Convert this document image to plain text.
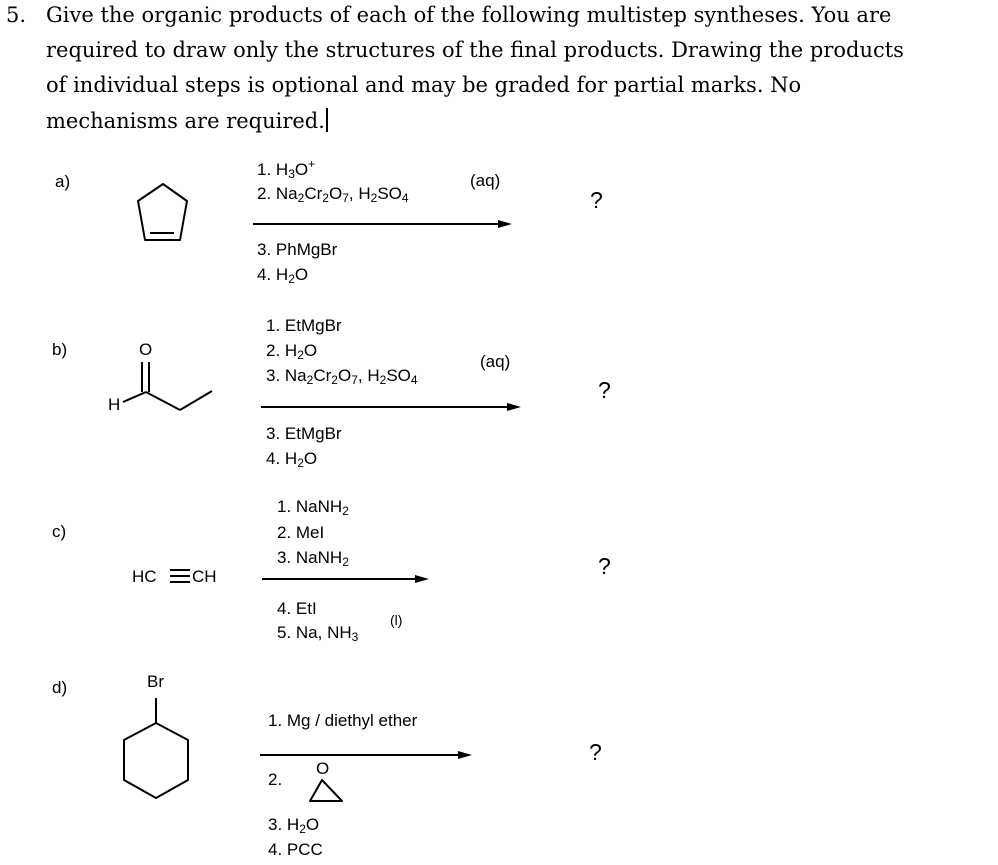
5. Give the organic products of each of the following multistep syntheses. You are
required to draw only the structures of the final products. Drawing the products
of individual steps is optional and may be graded for partial marks. No
mechanisms are required.
a)
1. $H_3O^+$
2. $Na_2Cr_2O_7$, $H_2SO_4$
(aq)
3. PhMgBr
4. $H_2O$
?
b)	O
H
1. EtMgBr
2. $H_2O$
3. $Na_2Cr_2O_7$, $H_2SO_4$
(aq)
3. EtMgBr
4. $H_2O$
?
c)
HC CH
1. NaNH$_2$
2. MeI
3. NaNH$_2$
4. EtI
5. Na, $NH_3$
(l)
?
d)	Br
1. Mg / diethyl ether
2.
O
3. $H_2O$
4. PCC
?
